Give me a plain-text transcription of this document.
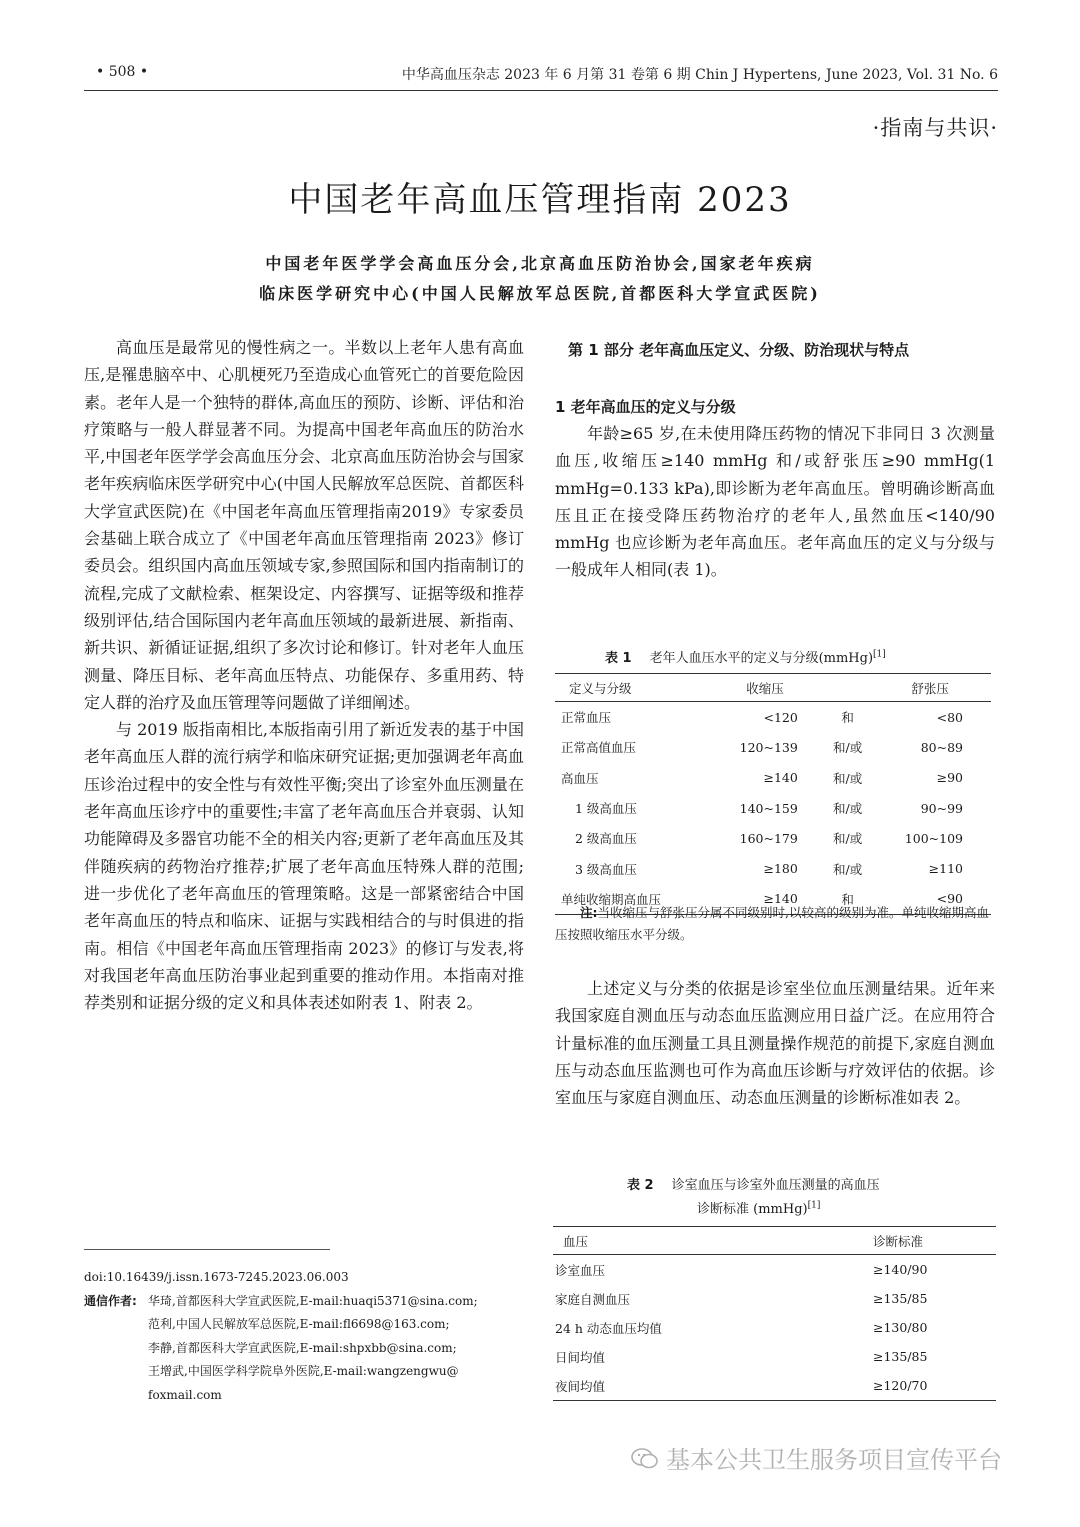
• 508 •	中华高血压杂志 2023 年 6 月第 31 卷第 6 期 Chin J Hypertens, June 2023, Vol. 31 No. 6
·指南与共识·
中国老年高血压管理指南 2023
中国老年医学学会高血压分会,北京高血压防治协会,国家老年疾病
临床医学研究中心(中国人民解放军总医院,首都医科大学宣武医院)

高血压是最常见的慢性病之一。半数以上老年人患有高血压,是罹患脑卒中、心肌梗死乃至造成心血管死亡的首要危险因素。老年人是一个独特的群体,高血压的预防、诊断、评估和治疗策略与一般人群显著不同。为提高中国老年高血压的防治水平,中国老年医学学会高血压分会、北京高血压防治协会与国家老年疾病临床医学研究中心(中国人民解放军总医院、首都医科大学宣武医院)在《中国老年高血压管理指南2019》专家委员会基础上联合成立了《中国老年高血压管理指南 2023》修订委员会。组织国内高血压领域专家,参照国际和国内指南制订的流程,完成了文献检索、框架设定、内容撰写、证据等级和推荐级别评估,结合国际国内老年高血压领域的最新进展、新指南、新共识、新循证证据,组织了多次讨论和修订。针对老年人血压测量、降压目标、老年高血压特点、功能保存、多重用药、特定人群的治疗及血压管理等问题做了详细阐述。

与 2019 版指南相比,本版指南引用了新近发表的基于中国老年高血压人群的流行病学和临床研究证据;更加强调老年高血压诊治过程中的安全性与有效性平衡;突出了诊室外血压测量在老年高血压诊疗中的重要性;丰富了老年高血压合并衰弱、认知功能障碍及多器官功能不全的相关内容;更新了老年高血压及其伴随疾病的药物治疗推荐;扩展了老年高血压特殊人群的范围;进一步优化了老年高血压的管理策略。这是一部紧密结合中国老年高血压的特点和临床、证据与实践相结合的与时俱进的指南。相信《中国老年高血压管理指南 2023》的修订与发表,将对我国老年高血压防治事业起到重要的推动作用。本指南对推荐类别和证据分级的定义和具体表述如附表 1、附表 2。

doi:10.16439/j.issn.1673-7245.2023.06.003
通信作者: 华琦,首都医科大学宣武医院,E-mail:huaqi5371@sina.com;
范利,中国人民解放军总医院,E-mail:fl6698@163.com;
李静,首都医科大学宣武医院,E-mail:shpxbb@sina.com;
王增武,中国医学科学院阜外医院,E-mail:wangzengwu@
foxmail.com
第 1 部分 老年高血压定义、分级、防治现状与特点
1 老年高血压的定义与分级

年龄≥65 岁,在未使用降压药物的情况下非同日 3 次测量血压,收缩压≥140 mmHg 和/或舒张压≥90 mmHg(1 mmHg=0.133 kPa),即诊断为老年高血压。曾明确诊断高血压且正在接受降压药物治疗的老年人,虽然血压<140/90 mmHg 也应诊断为老年高血压。老年高血压的定义与分级与一般成年人相同(表 1)。

表 1 老年人血压水平的定义与分级(mmHg)[1]
定义与分级	收缩压		舒张压
正常血压	<120	和	<80
正常高值血压	120~139	和/或	80~89
高血压	≥140	和/或	≥90
1 级高血压	140~159	和/或	90~99
2 级高血压	160~179	和/或	100~109
3 级高血压	≥180	和/或	≥110
单纯收缩期高血压	≥140	和	<90
注:当收缩压与舒张压分属不同级别时,以较高的级别为准。单纯收缩期高血压按照收缩压水平分级。

上述定义与分类的依据是诊室坐位血压测量结果。近年来我国家庭自测血压与动态血压监测应用日益广泛。在应用符合计量标准的血压测量工具且测量操作规范的前提下,家庭自测血压与动态血压监测也可作为高血压诊断与疗效评估的依据。诊室血压与家庭自测血压、动态血压测量的诊断标准如表 2。

表 2 诊室血压与诊室外血压测量的高血压
诊断标准 (mmHg)[1]
血压	诊断标准
诊室血压	≥140/90
家庭自测血压	≥135/85
24 h 动态血压均值	≥130/80
日间均值	≥135/85
夜间均值	≥120/70
基本公共卫生服务项目宣传平台
